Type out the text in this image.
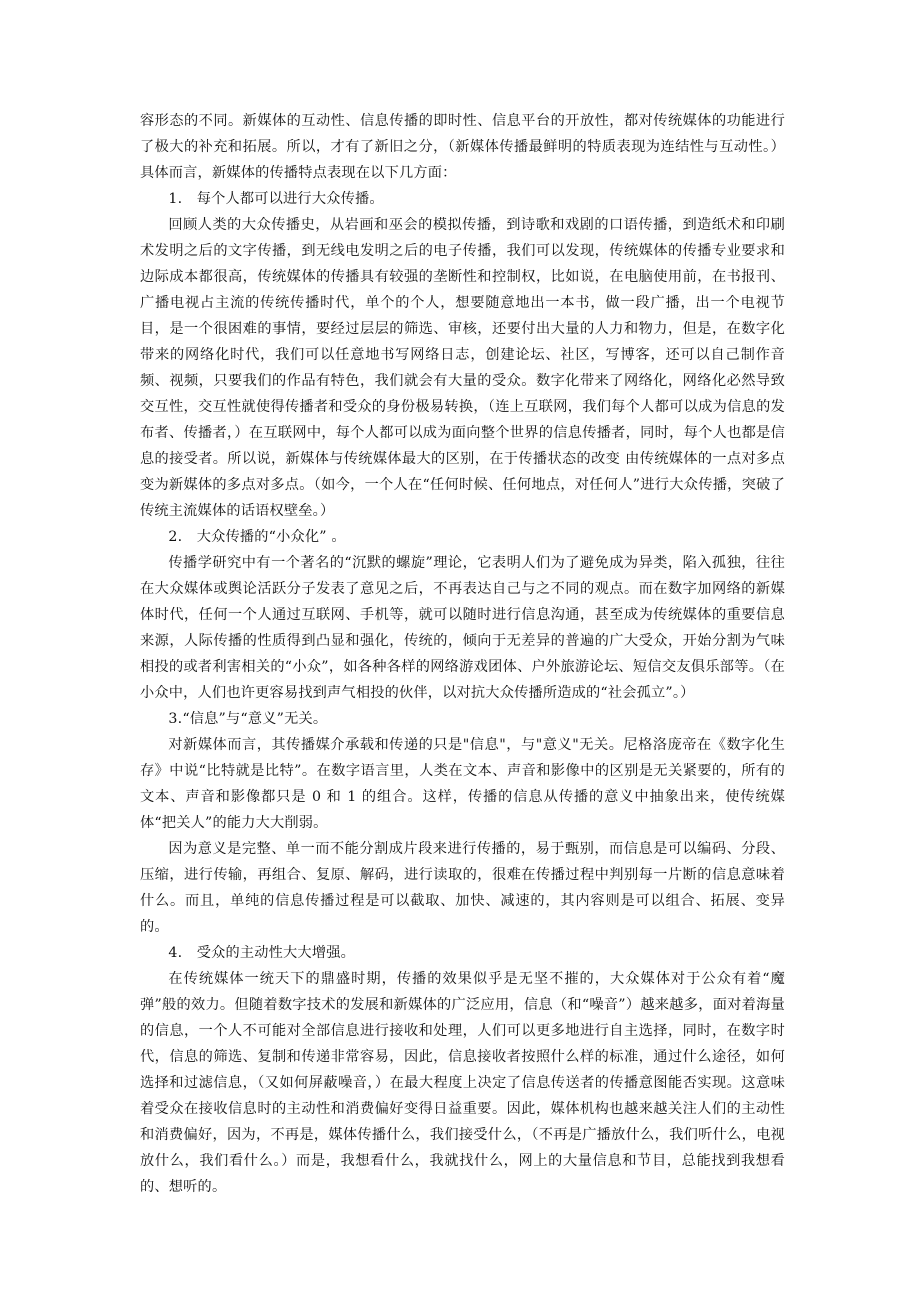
容形态的不同。新媒体的互动性、信息传播的即时性、信息平台的开放性，都对传统媒体的功能进行了极大的补充和拓展。所以，才有了新旧之分，（新媒体传播最鲜明的特质表现为连结性与互动性。）具体而言，新媒体的传播特点表现在以下几方面：

1.　每个人都可以进行大众传播。

回顾人类的大众传播史，从岩画和巫会的模拟传播，到诗歌和戏剧的口语传播，到造纸术和印刷术发明之后的文字传播，到无线电发明之后的电子传播，我们可以发现，传统媒体的传播专业要求和边际成本都很高，传统媒体的传播具有较强的垄断性和控制权，比如说，在电脑使用前，在书报刊、广播电视占主流的传统传播时代，单个的个人，想要随意地出一本书，做一段广播，出一个电视节目，是一个很困难的事情，要经过层层的筛选、审核，还要付出大量的人力和物力，但是，在数字化带来的网络化时代，我们可以任意地书写网络日志，创建论坛、社区，写博客，还可以自己制作音频、视频，只要我们的作品有特色，我们就会有大量的受众。数字化带来了网络化，网络化必然导致交互性，交互性就使得传播者和受众的身份极易转换，（连上互联网，我们每个人都可以成为信息的发布者、传播者，）在互联网中，每个人都可以成为面向整个世界的信息传播者，同时，每个人也都是信息的接受者。所以说，新媒体与传统媒体最大的区别，在于传播状态的改变 由传统媒体的一点对多点变为新媒体的多点对多点。（如今，一个人在“任何时候、任何地点，对任何人”进行大众传播，突破了传统主流媒体的话语权壁垒。）

2.　大众传播的“小众化” 。

传播学研究中有一个著名的“沉默的螺旋”理论，它表明人们为了避免成为异类，陷入孤独，往往在大众媒体或舆论活跃分子发表了意见之后，不再表达自己与之不同的观点。而在数字加网络的新媒体时代，任何一个人通过互联网、手机等，就可以随时进行信息沟通，甚至成为传统媒体的重要信息来源，人际传播的性质得到凸显和强化，传统的，倾向于无差异的普遍的广大受众，开始分割为气味相投的或者利害相关的“小众”，如各种各样的网络游戏团体、户外旅游论坛、短信交友俱乐部等。（在小众中，人们也许更容易找到声气相投的伙伴，以对抗大众传播所造成的“社会孤立”。）

3.“信息”与“意义”无关。

对新媒体而言，其传播媒介承载和传递的只是"信息"，与"意义"无关。尼格洛庞帝在《数字化生存》中说“比特就是比特”。在数字语言里，人类在文本、声音和影像中的区别是无关紧要的，所有的文本、声音和影像都只是 0 和 1 的组合。这样，传播的信息从传播的意义中抽象出来，使传统媒体“把关人”的能力大大削弱。

因为意义是完整、单一而不能分割成片段来进行传播的，易于甄别，而信息是可以编码、分段、压缩，进行传输，再组合、复原、解码，进行读取的，很难在传播过程中判别每一片断的信息意味着什么。而且，单纯的信息传播过程是可以截取、加快、减速的，其内容则是可以组合、拓展、变异的。

4.　受众的主动性大大增强。

在传统媒体一统天下的鼎盛时期，传播的效果似乎是无坚不摧的，大众媒体对于公众有着“魔弹”般的效力。但随着数字技术的发展和新媒体的广泛应用，信息（和“噪音”）越来越多，面对着海量的信息，一个人不可能对全部信息进行接收和处理，人们可以更多地进行自主选择，同时，在数字时代，信息的筛选、复制和传递非常容易，因此，信息接收者按照什么样的标准，通过什么途径，如何选择和过滤信息，（又如何屏蔽噪音，）在最大程度上决定了信息传送者的传播意图能否实现。这意味着受众在接收信息时的主动性和消费偏好变得日益重要。因此，媒体机构也越来越关注人们的主动性和消费偏好，因为，不再是，媒体传播什么，我们接受什么，（不再是广播放什么，我们听什么，电视放什么，我们看什么。）而是，我想看什么，我就找什么，网上的大量信息和节目，总能找到我想看的、想听的。
